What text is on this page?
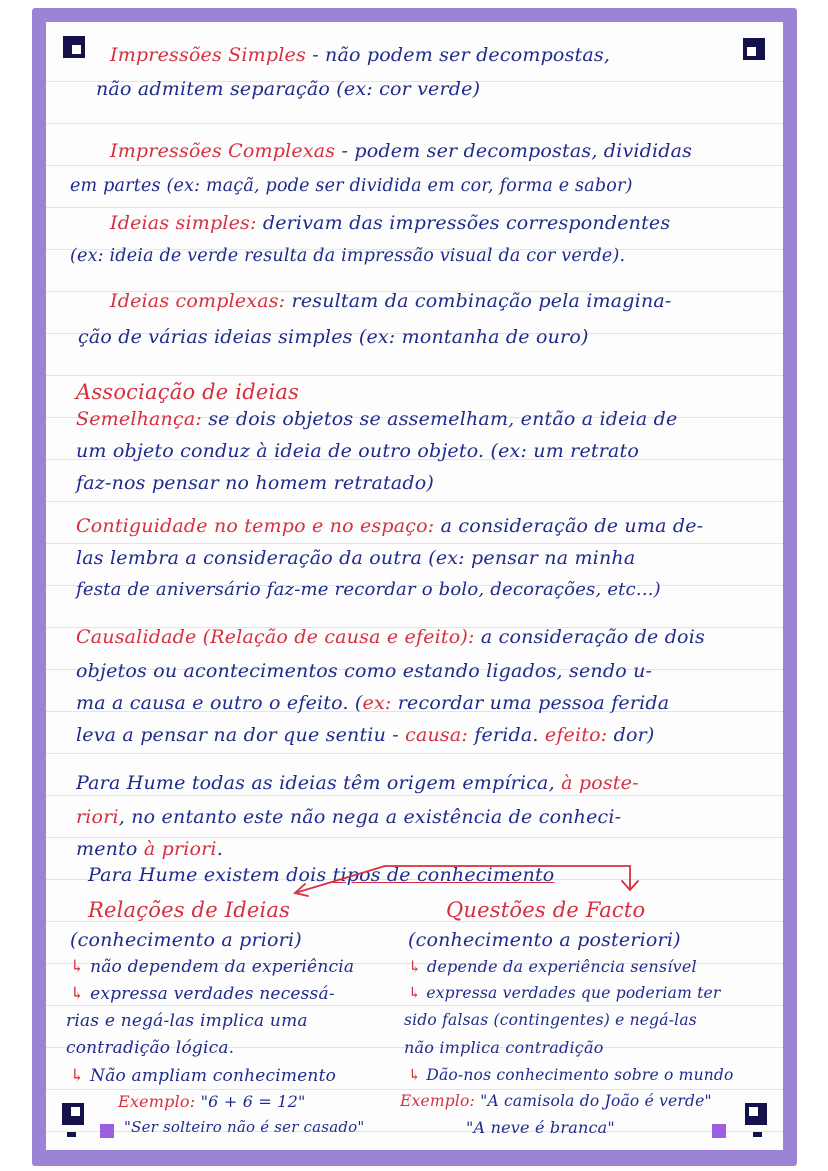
Impressões Simples - não podem ser decompostas,
não admitem separação (ex: cor verde)
Impressões Complexas - podem ser decompostas, divididas
em partes (ex: maçã, pode ser dividida em cor, forma e sabor)
Ideias simples: derivam das impressões correspondentes
(ex: ideia de verde resulta da impressão visual da cor verde).
Ideias complexas: resultam da combinação pela imagina-
ção de várias ideias simples (ex: montanha de ouro)
Associação de ideias
Semelhança: se dois objetos se assemelham, então a ideia de
um objeto conduz à ideia de outro objeto. (ex: um retrato
faz-nos pensar no homem retratado)
Contiguidade no tempo e no espaço: a consideração de uma de-
las lembra a consideração da outra (ex: pensar na minha
festa de aniversário faz-me recordar o bolo, decorações, etc...)
Causalidade (Relação de causa e efeito): a consideração de dois
objetos ou acontecimentos como estando ligados, sendo u-
ma a causa e outro o efeito. (ex: recordar uma pessoa ferida
leva a pensar na dor que sentiu - causa: ferida. efeito: dor)
Para Hume todas as ideias têm origem empírica, à poste-
riori, no entanto este não nega a existência de conheci-
mento à priori.
Para Hume existem dois tipos de conhecimento
Relações de Ideias
(conhecimento a priori)
↳ não dependem da experiência
↳ expressa verdades necessá-
rias e negá-las implica uma
contradição lógica.
↳ Não ampliam conhecimento
Exemplo: "6 + 6 = 12"
"Ser solteiro não é ser casado"
Questões de Facto
(conhecimento a posteriori)
↳ depende da experiência sensível
↳ expressa verdades que poderiam ter
sido falsas (contingentes) e negá-las
não implica contradição
↳ Dão-nos conhecimento sobre o mundo
Exemplo: "A camisola do João é verde"
"A neve é branca"
